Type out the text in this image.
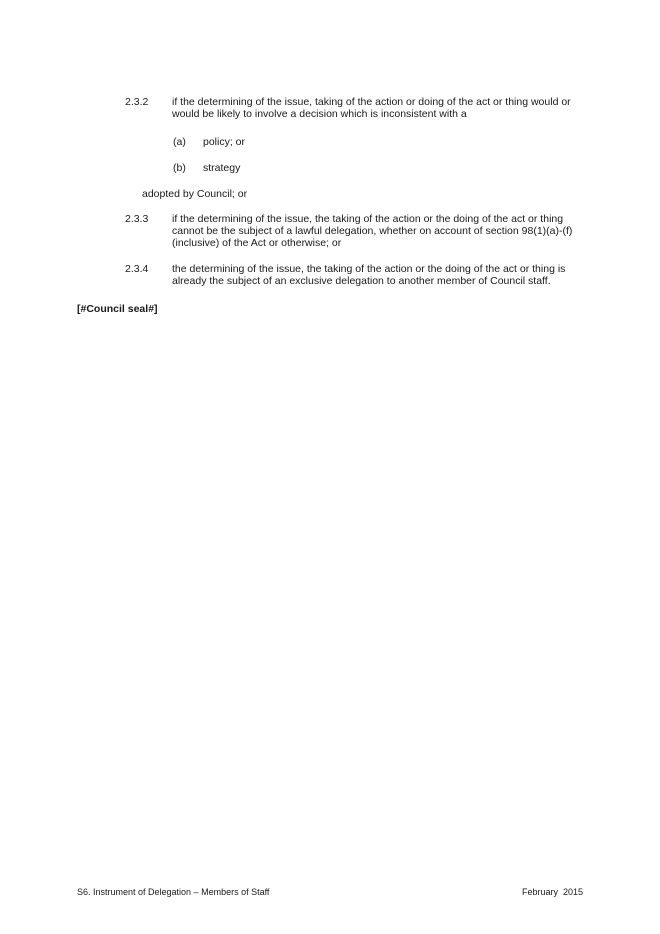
2.3.2	if the determining of the issue, taking of the action or doing of the act or thing would or would be likely to involve a decision which is inconsistent with a
(a)	policy; or
(b)	strategy
adopted by Council; or
2.3.3	if the determining of the issue, the taking of the action or the doing of the act or thing cannot be the subject of a lawful delegation, whether on account of section 98(1)(a)-(f) (inclusive) of the Act or otherwise; or
2.3.4	the determining of the issue, the taking of the action or the doing of the act or thing is already the subject of an exclusive delegation to another member of Council staff.
[#Council seal#]
S6. Instrument of Delegation – Members of Staff	February  2015
